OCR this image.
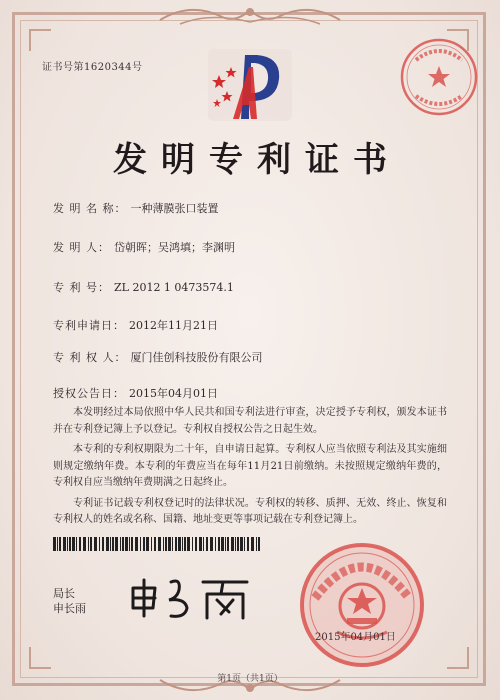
证书号第1620344号
发明专利证书
发 明 名 称： 一种薄膜张口装置
发 明 人： 岱朝晖；吴鸿填；李渊明
专 利 号： ZL 2012 1 0473574.1
专利申请日： 2012年11月21日
专 利 权 人： 厦门佳创科技股份有限公司
授权公告日： 2015年04月01日

本发明经过本局依照中华人民共和国专利法进行审查，决定授予专利权，颁发本证书并在专利登记簿上予以登记。专利权自授权公告之日起生效。

本专利的专利权期限为二十年，自申请日起算。专利权人应当依照专利法及其实施细则规定缴纳年费。本专利的年费应当在每年11月21日前缴纳。未按照规定缴纳年费的，专利权自应当缴纳年费期满之日起终止。

专利证书记载专利权登记时的法律状况。专利权的转移、质押、无效、终止、恢复和专利权人的姓名或名称、国籍、地址变更等事项记载在专利登记簿上。

局长
申长雨
2015年04月01日
第1页（共1页）
